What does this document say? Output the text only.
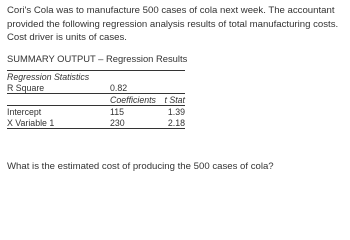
Cori's Cola was to manufacture 500 cases of cola next week. The accountant provided the following regression analysis results of total manufacturing costs. Cost driver is units of cases.

SUMMARY OUTPUT – Regression Results

Regression Statistics		
R Square	0.82	
	Coefficients	t Stat
Intercept	115	1.39
X Variable 1	230	2.18

What is the estimated cost of producing the 500 cases of cola?
